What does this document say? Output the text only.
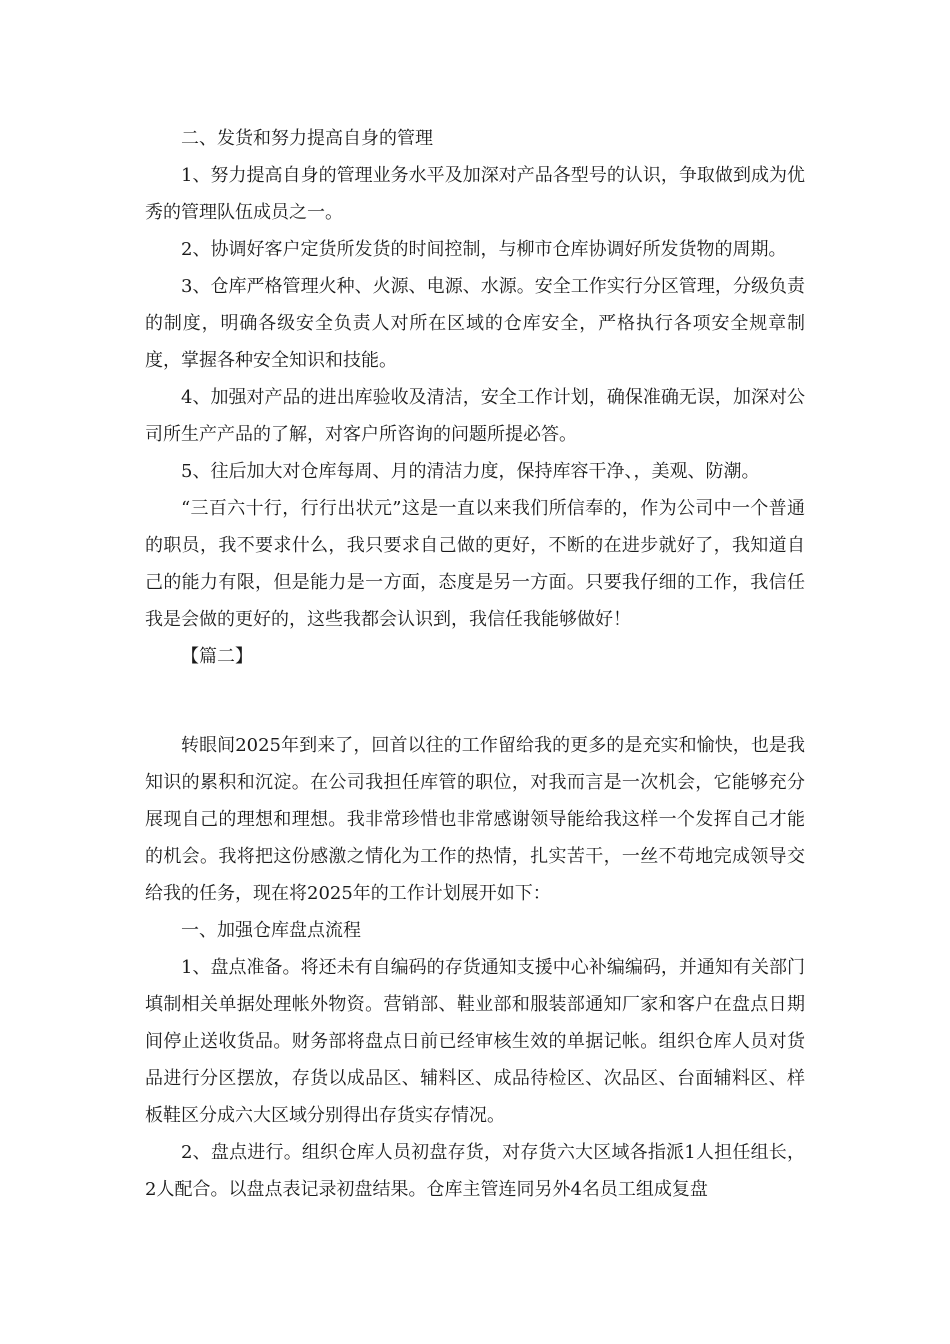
二、发货和努力提高自身的管理

1、努力提高自身的管理业务水平及加深对产品各型号的认识，争取做到成为优秀的管理队伍成员之一。

2、协调好客户定货所发货的时间控制，与柳市仓库协调好所发货物的周期。

3、仓库严格管理火种、火源、电源、水源。安全工作实行分区管理，分级负责的制度，明确各级安全负责人对所在区域的仓库安全，严格执行各项安全规章制度，掌握各种安全知识和技能。

4、加强对产品的进出库验收及清洁，安全工作计划，确保准确无误，加深对公司所生产产品的了解，对客户所咨询的问题所提必答。

5、往后加大对仓库每周、月的清洁力度，保持库容干净、，美观、防潮。

“三百六十行，行行出状元”这是一直以来我们所信奉的，作为公司中一个普通的职员，我不要求什么，我只要求自己做的更好，不断的在进步就好了，我知道自己的能力有限，但是能力是一方面，态度是另一方面。只要我仔细的工作，我信任我是会做的更好的，这些我都会认识到，我信任我能够做好！

【篇二】

转眼间2025年到来了，回首以往的工作留给我的更多的是充实和愉快，也是我知识的累积和沉淀。在公司我担任库管的职位，对我而言是一次机会，它能够充分展现自己的理想和理想。我非常珍惜也非常感谢领导能给我这样一个发挥自己才能的机会。我将把这份感激之情化为工作的热情，扎实苦干，一丝不苟地完成领导交给我的任务，现在将2025年的工作计划展开如下：

一、加强仓库盘点流程

1、盘点准备。将还未有自编码的存货通知支援中心补编编码，并通知有关部门填制相关单据处理帐外物资。营销部、鞋业部和服装部通知厂家和客户在盘点日期间停止送收货品。财务部将盘点日前已经审核生效的单据记帐。组织仓库人员对货品进行分区摆放，存货以成品区、辅料区、成品待检区、次品区、台面辅料区、样板鞋区分成六大区域分别得出存货实存情况。

2、盘点进行。组织仓库人员初盘存货，对存货六大区域各指派1人担任组长，2人配合。以盘点表记录初盘结果。仓库主管连同另外4名员工组成复盘
